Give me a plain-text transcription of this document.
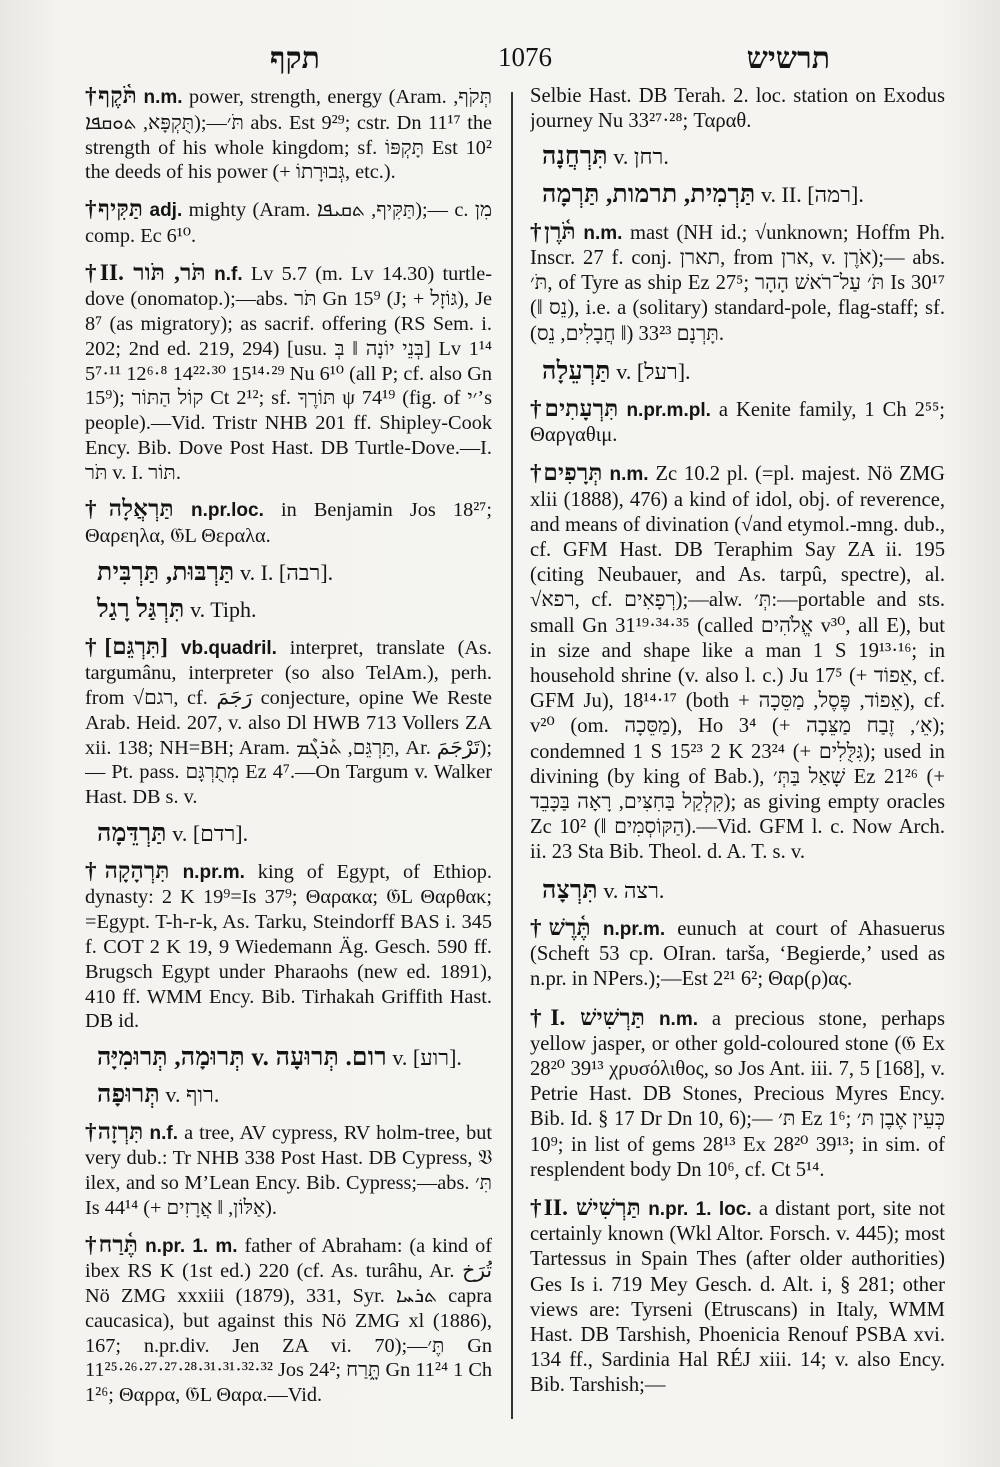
תקף	1076	תרשיש

†תֹּ֫קֶף n.m. power, strength, energy (Aram. תְּקֹף, תֻּקְפָּא, ܬܘܩܦܐ);—תֹּ׳ abs. Est 9²⁹; cstr. Dn 11¹⁷ the strength of his whole kingdom; sf. תָּקְפּוֹ Est 10² the deeds of his power (+ גְּבוּרָתוֹ, etc.).

†תַּקִּיף adj. mighty (Aram. תַּקִּיף, ܬܩܝܦܐ);— c. מִן comp. Ec 6¹⁰.

†II. תֹּר, תֹּור n.f. Lv 5.7 (m. Lv 14.30) turtle-dove (onomatop.);—abs. תֹּר Gn 15⁹ (J; + גּוֹזָל), Je 8⁷ (as migratory); as sacrif. offering (RS Sem. i. 202; 2nd ed. 219, 294) [usu. בְּנֵי יוֹנָה ‖ בְּ] Lv 1¹⁴ 5⁷·¹¹ 12⁶·⁸ 14²²·³⁰ 15¹⁴·²⁹ Nu 6¹⁰ (all P; cf. also Gn 15⁹); קוֹל הַתּוֹר Ct 2¹²; sf. תּוֹרֶךָ ψ 74¹⁹ (fig. of ׳י’s people).—Vid. Tristr NHB 201 ff. Shipley-Cook Ency. Bib. Dove Post Hast. DB Turtle-Dove.—I. תֹּר v. I. תּוֹר.

†תַּרְאֲלָה n.pr.loc. in Benjamin Jos 18²⁷; Θαρεηλα, 𝔊L Θεραλα.

תַּרְבּוּת, תַּרְבִּית v. I. [רבה].

תִּרְגַּל רָגַל v. Tiph.

†[תִּרְגֵּם] vb.quadril. interpret, translate (As. targumânu, interpreter (so also TelAm.), perh. from √רגם, cf. رَجَمَ conjecture, opine We Reste Arab. Heid. 207, v. also Dl HWB 713 Vollers ZA xii. 138; NH=BH; Aram. תַּרְגֵּם, ܬܰܪܓܶܡ, Ar. تَرْجَمَ);— Pt. pass. מְתֻרְגָּם Ez 4⁷.—On Targum v. Walker Hast. DB s. v.

תַּרְדֵּמָה v. [רדם].

†תִּרְהָקָה n.pr.m. king of Egypt, of Ethiop. dynasty: 2 K 19⁹=Is 37⁹; Θαρακα; 𝔊L Θαρθακ; =Egypt. T-h-r-k, As. Tarku, Steindorff BAS i. 345 f. COT 2 K 19, 9 Wiedemann Äg. Gesch. 590 ff. Brugsch Egypt under Pharaohs (new ed. 1891), 410 ff. WMM Ency. Bib. Tirhakah Griffith Hast. DB id.

תְּרוּמָה, תְּרוּמִיָּה v. רום. תְּרוּעָה v. [רוע].

תְּרוּפָה v. רוף.

†תִּרְזָה n.f. a tree, AV cypress, RV holm-tree, but very dub.: Tr NHB 338 Post Hast. DB Cypress, 𝔙 ilex, and so M’Lean Ency. Bib. Cypress;—abs. תִּ׳ Is 44¹⁴ (+ אַלּוֹן, ‖ אֲרָזִים).

†תֶּ֫רַח n.pr. 1. m. father of Abraham: (a kind of ibex RS K (1st ed.) 220 (cf. As. turâhu, Ar. تُرَخ Nö ZMG xxxiii (1879), 331, Syr. ܬܪܚܐ capra caucasica), but against this Nö ZMG xl (1886), 167; n.pr.div. Jen ZA vi. 70);—תֶּ׳ Gn 11²⁵·²⁶·²⁷·²⁷·²⁸·³¹·³¹·³²·³² Jos 24²; תָּ֑רַח Gn 11²⁴ 1 Ch 1²⁶; Θαρρα, 𝔊L Θαρα.—Vid.

Selbie Hast. DB Terah. 2. loc. station on Exodus journey Nu 33²⁷·²⁸; Ταραθ.

תִּרְחֲנָה v. רחן.

תַּרְמִית, תרמות, תַּרְמָה v. II. [רמה].

†תֹּ֫רֶן n.m. mast (NH id.; √unknown; Hoffm Ph. Inscr. 27 f. conj. תארן, from ארן, v. אֹרֶן);— abs. תֹּ׳, of Tyre as ship Ez 27⁵; תֹּ׳ עַל־רֹאשׁ הָהָר Is 30¹⁷ (‖ נֵס), i.e. a (solitary) standard-pole, flag-staff; sf. תָּרְנָם 33²³ (‖ חֲבָלִים, נֵס).

תַּרְעֵלָה v. [רעל].

†תִּרְעָתִים n.pr.m.pl. a Kenite family, 1 Ch 2⁵⁵; Θαργαθιμ.

†תְּרָפִים n.m. Zc 10.2 pl. (=pl. majest. Nö ZMG xlii (1888), 476) a kind of idol, obj. of reverence, and means of divination (√and etymol.-mng. dub., cf. GFM Hast. DB Teraphim Say ZA ii. 195 (citing Neubauer, and As. tarpû, spectre), al. √רפא, cf. רְפָאִים);—alw. תְּ׳:—portable and sts. small Gn 31¹⁹·³⁴·³⁵ (called אֱלֹהִים v³⁰, all E), but in size and shape like a man 1 S 19¹³·¹⁶; in household shrine (v. also l. c.) Ju 17⁵ (+ אֵפוֹד, cf. GFM Ju), 18¹⁴·¹⁷ (both + אֵפוֹד, פֶּסֶל, מַסֵּכָה), cf. v²⁰ (om. מַסֵּכָה), Ho 3⁴ (+ אֵ׳, זֶבַח מַצֵּבָה); condemned 1 S 15²³ 2 K 23²⁴ (+ גִּלֻּלִים); used in divining (by king of Bab.), שָׁאַל בַּתְּ׳ Ez 21²⁶ (+ קִלְקַל בַּחִצִּים, רָאָה בַּכָּבֵד); as giving empty oracles Zc 10² (‖ הַקּוֹסְמִים).—Vid. GFM l. c. Now Arch. ii. 23 Sta Bib. Theol. d. A. T. s. v.

תִּרְצָה v. רצה.

†תֶּ֫רֶשׁ n.pr.m. eunuch at court of Ahasuerus (Scheft 53 cp. OIran. tarša, ‘Begierde,’ used as n.pr. in NPers.);—Est 2²¹ 6²; Θαρ(ρ)ας.

†I. תַּרְשִׁישׁ n.m. a precious stone, perhaps yellow jasper, or other gold-coloured stone (𝔊 Ex 28²⁰ 39¹³ χρυσόλιθος, so Jos Ant. iii. 7, 5 [168], v. Petrie Hast. DB Stones, Precious Myres Ency. Bib. Id. § 17 Dr Dn 10, 6);— תּ׳ Ez 1⁶; כְּעֵין אֶבֶן תּ׳ 10⁹; in list of gems 28¹³ Ex 28²⁰ 39¹³; in sim. of resplendent body Dn 10⁶, cf. Ct 5¹⁴.

†II. תַּרְשִׁישׁ n.pr. 1. loc. a distant port, site not certainly known (Wkl Altor. Forsch. v. 445); most Tartessus in Spain Thes (after older authorities) Ges Is i. 719 Mey Gesch. d. Alt. i, § 281; other views are: Tyrseni (Etruscans) in Italy, WMM Hast. DB Tarshish, Phoenicia Renouf PSBA xvi. 134 ff., Sardinia Hal RÉJ xiii. 14; v. also Ency. Bib. Tarshish;—
